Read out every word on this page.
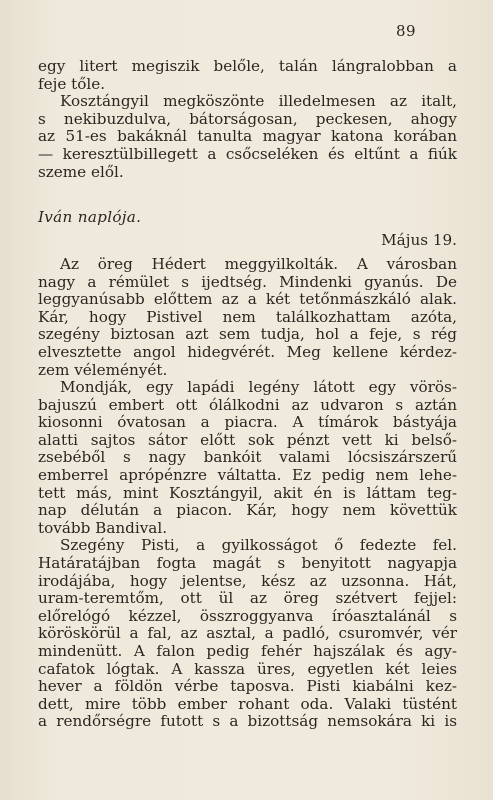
89
egy litert megiszik belőle, talán lángralobban a
feje tőle.
Kosztángyil megköszönte illedelmesen az italt,
s nekibuzdulva, bátorságosan, peckesen, ahogy
az 51-es bakáknál tanulta magyar katona korában
— keresztülbillegett a csőcseléken és eltűnt a fiúk
szeme elől.
Iván naplója.
Május 19.
Az öreg Hédert meggyilkolták. A városban
nagy a rémület s ijedtség. Mindenki gyanús. De
leggyanúsabb előttem az a két tetőnmászkáló alak.
Kár, hogy Pistivel nem találkozhattam azóta,
szegény biztosan azt sem tudja, hol a feje, s rég
elvesztette angol hidegvérét. Meg kellene kérdez-
zem véleményét.
Mondják, egy lapádi legény látott egy vörös-
bajuszú embert ott ólálkodni az udvaron s aztán
kiosonni óvatosan a piacra. A tímárok bástyája
alatti sajtos sátor előtt sok pénzt vett ki belső-
zsebéből s nagy bankóit valami lócsiszárszerű
emberrel aprópénzre váltatta. Ez pedig nem lehe-
tett más, mint Kosztángyil, akit én is láttam teg-
nap délután a piacon. Kár, hogy nem követtük
tovább Bandival.
Szegény Pisti, a gyilkosságot ő fedezte fel.
Határatájban fogta magát s benyitott nagyapja
irodájába, hogy jelentse, kész az uzsonna. Hát,
uram-teremtőm, ott ül az öreg szétvert fejjel:
előrelógó kézzel, összroggyanva íróasztalánál s
köröskörül a fal, az asztal, a padló, csuromvér, vér
mindenütt. A falon pedig fehér hajszálak és agy-
cafatok lógtak. A kassza üres, egyetlen két leies
hever a földön vérbe taposva. Pisti kiabálni kez-
dett, mire több ember rohant oda. Valaki tüstént
a rendőrségre futott s a bizottság nemsokára ki is
